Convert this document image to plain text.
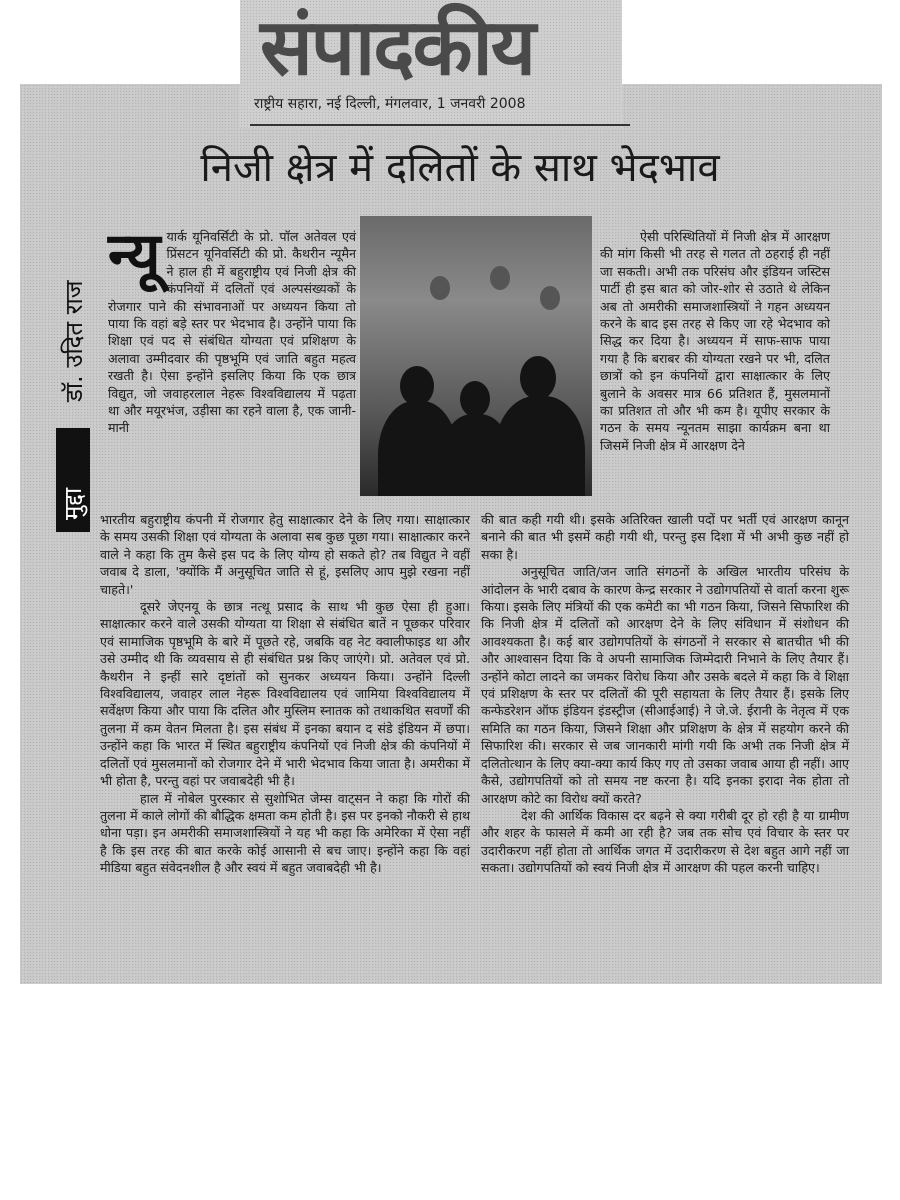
संपादकीय
राष्ट्रीय सहारा, नई दिल्ली, मंगलवार, 1 जनवरी 2008
निजी क्षेत्र में दलितों के साथ भेदभाव
मुद्दा
डॉ. उदित राज
न्यू यार्क यूनिवर्सिटी के प्रो. पॉल अतेवल एवं प्रिंसटन यूनिवर्सिटी की प्रो. कैथरीन न्यूमैन ने हाल ही में बहुराष्ट्रीय एवं निजी क्षेत्र की कंपनियों में दलितों एवं अल्पसंख्यकों के रोजगार पाने की संभावनाओं पर अध्ययन किया तो पाया कि वहां बड़े स्तर पर भेदभाव है। उन्होंने पाया कि शिक्षा एवं पद से संबंधित योग्यता एवं प्रशिक्षण के अलावा उम्मीदवार की पृष्ठभूमि एवं जाति बहुत महत्व रखती है। ऐसा इन्होंने इसलिए किया कि एक छात्र विद्युत, जो जवाहरलाल नेहरू विश्वविद्यालय में पढ़ता था और मयूरभंज, उड़ीसा का रहने वाला है, एक जानी-मानी

ऐसी परिस्थितियों में निजी क्षेत्र में आरक्षण की मांग किसी भी तरह से गलत तो ठहराई ही नहीं जा सकती। अभी तक परिसंघ और इंडियन जस्टिस पार्टी ही इस बात को जोर-शोर से उठाते थे लेकिन अब तो अमरीकी समाजशास्त्रियों ने गहन अध्ययन करने के बाद इस तरह से किए जा रहे भेदभाव को सिद्ध कर दिया है। अध्ययन में साफ-साफ पाया गया है कि बराबर की योग्यता रखने पर भी, दलित छात्रों को इन कंपनियों द्वारा साक्षात्कार के लिए बुलाने के अवसर मात्र 66 प्रतिशत हैं, मुसलमानों का प्रतिशत तो और भी कम है। यूपीए सरकार के गठन के समय न्यूनतम साझा कार्यक्रम बना था जिसमें निजी क्षेत्र में आरक्षण देने

भारतीय बहुराष्ट्रीय कंपनी में रोजगार हेतु साक्षात्कार देने के लिए गया। साक्षात्कार के समय उसकी शिक्षा एवं योग्यता के अलावा सब कुछ पूछा गया। साक्षात्कार करने वाले ने कहा कि तुम कैसे इस पद के लिए योग्य हो सकते हो? तब विद्युत ने वहीं जवाब दे डाला, 'क्योंकि मैं अनुसूचित जाति से हूं, इसलिए आप मुझे रखना नहीं चाहते।'

दूसरे जेएनयू के छात्र नत्थू प्रसाद के साथ भी कुछ ऐसा ही हुआ। साक्षात्कार करने वाले उसकी योग्यता या शिक्षा से संबंधित बातें न पूछकर परिवार एवं सामाजिक पृष्ठभूमि के बारे में पूछते रहे, जबकि वह नेट क्वालीफाइड था और उसे उम्मीद थी कि व्यवसाय से ही संबंधित प्रश्न किए जाएंगे। प्रो. अतेवल एवं प्रो. कैथरीन ने इन्हीं सारे दृष्टांतों को सुनकर अध्ययन किया। उन्होंने दिल्ली विश्वविद्यालय, जवाहर लाल नेहरू विश्वविद्यालय एवं जामिया विश्वविद्यालय में सर्वेक्षण किया और पाया कि दलित और मुस्लिम स्नातक को तथाकथित सवर्णों की तुलना में कम वेतन मिलता है। इस संबंध में इनका बयान द संडे इंडियन में छपा। उन्होंने कहा कि भारत में स्थित बहुराष्ट्रीय कंपनियों एवं निजी क्षेत्र की कंपनियों में दलितों एवं मुसलमानों को रोजगार देने में भारी भेदभाव किया जाता है। अमरीका में भी होता है, परन्तु वहां पर जवाबदेही भी है।

हाल में नोबेल पुरस्कार से सुशोभित जेम्स वाट्सन ने कहा कि गोरों की तुलना में काले लोगों की बौद्धिक क्षमता कम होती है। इस पर इनको नौकरी से हाथ धोना पड़ा। इन अमरीकी समाजशास्त्रियों ने यह भी कहा कि अमेरिका में ऐसा नहीं है कि इस तरह की बात करके कोई आसानी से बच जाए। इन्होंने कहा कि वहां मीडिया बहुत संवेदनशील है और स्वयं में बहुत जवाबदेही भी है।

की बात कही गयी थी। इसके अतिरिक्त खाली पदों पर भर्ती एवं आरक्षण कानून बनाने की बात भी इसमें कही गयी थी, परन्तु इस दिशा में भी अभी कुछ नहीं हो सका है।

अनुसूचित जाति/जन जाति संगठनों के अखिल भारतीय परिसंघ के आंदोलन के भारी दबाव के कारण केन्द्र सरकार ने उद्योगपतियों से वार्ता करना शुरू किया। इसके लिए मंत्रियों की एक कमेटी का भी गठन किया, जिसने सिफारिश की कि निजी क्षेत्र में दलितों को आरक्षण देने के लिए संविधान में संशोधन की आवश्यकता है। कई बार उद्योगपतियों के संगठनों ने सरकार से बातचीत भी की और आश्वासन दिया कि वे अपनी सामाजिक जिम्मेदारी निभाने के लिए तैयार हैं। उन्होंने कोटा लादने का जमकर विरोध किया और उसके बदले में कहा कि वे शिक्षा एवं प्रशिक्षण के स्तर पर दलितों की पूरी सहायता के लिए तैयार हैं। इसके लिए कन्फेडरेशन ऑफ इंडियन इंडस्ट्रीज (सीआईआई) ने जे.जे. ईरानी के नेतृत्व में एक समिति का गठन किया, जिसने शिक्षा और प्रशिक्षण के क्षेत्र में सहयोग करने की सिफारिश की। सरकार से जब जानकारी मांगी गयी कि अभी तक निजी क्षेत्र में दलितोत्थान के लिए क्या-क्या कार्य किए गए तो उसका जवाब आया ही नहीं। आए कैसे, उद्योगपतियों को तो समय नष्ट करना है। यदि इनका इरादा नेक होता तो आरक्षण कोटे का विरोध क्यों करते?

देश की आर्थिक विकास दर बढ़ने से क्या गरीबी दूर हो रही है या ग्रामीण और शहर के फासले में कमी आ रही है? जब तक सोच एवं विचार के स्तर पर उदारीकरण नहीं होता तो आर्थिक जगत में उदारीकरण से देश बहुत आगे नहीं जा सकता। उद्योगपतियों को स्वयं निजी क्षेत्र में आरक्षण की पहल करनी चाहिए।
